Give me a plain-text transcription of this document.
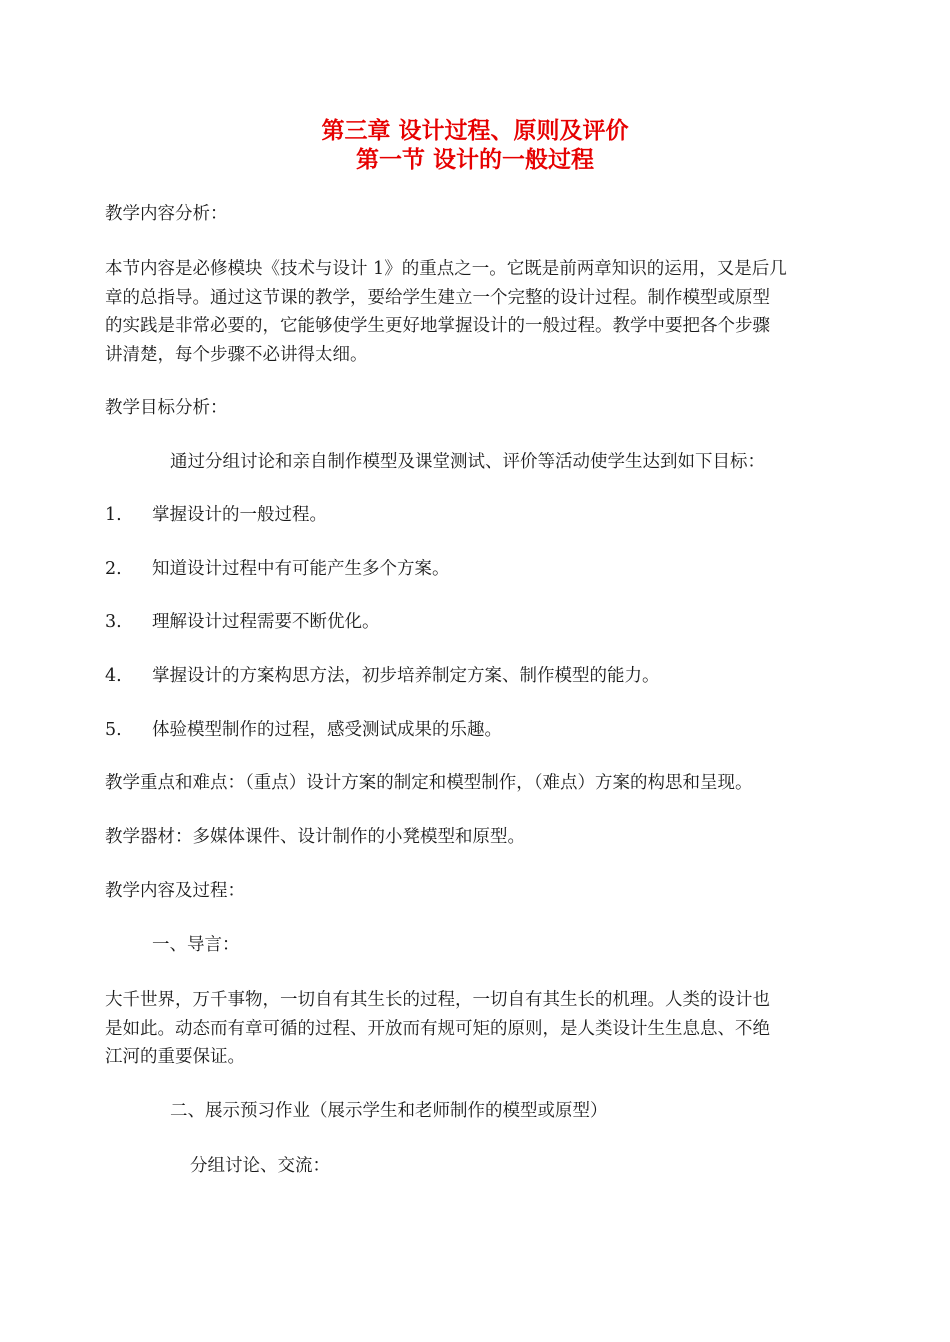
第三章 设计过程、原则及评价
第一节 设计的一般过程
教学内容分析：
本节内容是必修模块《技术与设计 1》的重点之一。它既是前两章知识的运用，又是后几
章的总指导。通过这节课的教学，要给学生建立一个完整的设计过程。制作模型或原型
的实践是非常必要的，它能够使学生更好地掌握设计的一般过程。教学中要把各个步骤
讲清楚，每个步骤不必讲得太细。
教学目标分析：
通过分组讨论和亲自制作模型及课堂测试、评价等活动使学生达到如下目标：
1. 掌握设计的一般过程。
2. 知道设计过程中有可能产生多个方案。
3. 理解设计过程需要不断优化。
4. 掌握设计的方案构思方法，初步培养制定方案、制作模型的能力。
5. 体验模型制作的过程，感受测试成果的乐趣。
教学重点和难点：（重点）设计方案的制定和模型制作，（难点）方案的构思和呈现。
教学器材：多媒体课件、设计制作的小凳模型和原型。
教学内容及过程：
一、导言：
大千世界，万千事物，一切自有其生长的过程，一切自有其生长的机理。人类的设计也
是如此。动态而有章可循的过程、开放而有规可矩的原则，是人类设计生生息息、不绝
江河的重要保证。
二、展示预习作业（展示学生和老师制作的模型或原型）
分组讨论、交流：
